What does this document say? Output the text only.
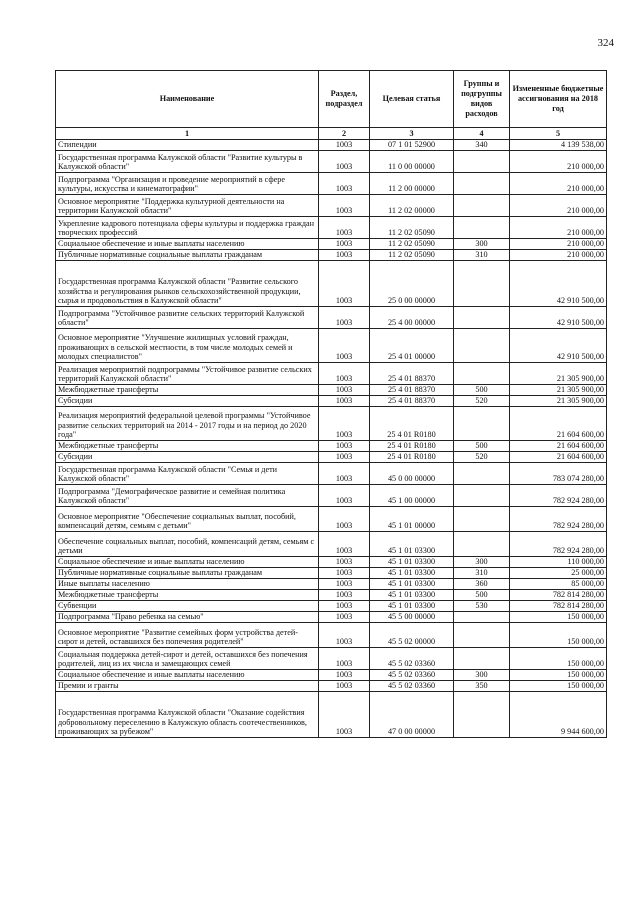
324
Наименование	Раздел, подраздел	Целевая статья	Группы и подгруппы видов расходов	Измененные бюджетные ассигнования на 2018 год
1	2	3	4	5
Стипендии	1003	07 1 01 52900	340	4 139 538,00
Государственная программа Калужской области "Развитие культуры в Калужской области"	1003	11 0 00 00000		210 000,00
Подпрограмма "Организация и проведение мероприятий в сфере культуры, искусства и кинематографии"	1003	11 2 00 00000		210 000,00
Основное мероприятие "Поддержка культурной деятельности на территории Калужской области"	1003	11 2 02 00000		210 000,00
Укрепление кадрового потенциала сферы культуры и поддержка граждан творческих профессий	1003	11 2 02 05090		210 000,00
Социальное обеспечение и иные выплаты населению	1003	11 2 02 05090	300	210 000,00
Публичные нормативные социальные выплаты гражданам	1003	11 2 02 05090	310	210 000,00
Государственная программа Калужской области "Развитие сельского хозяйства и регулирования рынков сельскохозяйственной продукции, сырья и продовольствия в Калужской области"	1003	25 0 00 00000		42 910 500,00
Подпрограмма "Устойчивое развитие сельских территорий Калужской области"	1003	25 4 00 00000		42 910 500,00
Основное мероприятие "Улучшение жилищных условий граждан, проживающих в сельской местности, в том числе молодых семей и молодых специалистов"	1003	25 4 01 00000		42 910 500,00
Реализация мероприятий подпрограммы "Устойчивое развитие сельских территорий Калужской области"	1003	25 4 01 88370		21 305 900,00
Межбюджетные трансферты	1003	25 4 01 88370	500	21 305 900,00
Субсидии	1003	25 4 01 88370	520	21 305 900,00
Реализация мероприятий федеральной целевой программы "Устойчивое развитие сельских территорий на 2014 - 2017 годы и на период до 2020 года"	1003	25 4 01 R0180		21 604 600,00
Межбюджетные трансферты	1003	25 4 01 R0180	500	21 604 600,00
Субсидии	1003	25 4 01 R0180	520	21 604 600,00
Государственная программа Калужской области "Семья и дети Калужской области"	1003	45 0 00 00000		783 074 280,00
Подпрограмма "Демографическое развитие и семейная политика Калужской области"	1003	45 1 00 00000		782 924 280,00
Основное мероприятие "Обеспечение социальных выплат, пособий, компенсаций детям, семьям с детьми"	1003	45 1 01 00000		782 924 280,00
Обеспечение социальных выплат, пособий, компенсаций детям, семьям с детьми	1003	45 1 01 03300		782 924 280,00
Социальное обеспечение и иные выплаты населению	1003	45 1 01 03300	300	110 000,00
Публичные нормативные социальные выплаты гражданам	1003	45 1 01 03300	310	25 000,00
Иные выплаты населению	1003	45 1 01 03300	360	85 000,00
Межбюджетные трансферты	1003	45 1 01 03300	500	782 814 280,00
Субвенции	1003	45 1 01 03300	530	782 814 280,00
Подпрограмма "Право ребенка на семью"	1003	45 5 00 00000		150 000,00
Основное мероприятие "Развитие семейных форм устройства детей-сирот и детей, оставшихся без попечения родителей"	1003	45 5 02 00000		150 000,00
Социальная поддержка детей-сирот и детей, оставшихся без попечения родителей, лиц из их числа и замещающих семей	1003	45 5 02 03360		150 000,00
Социальное обеспечение и иные выплаты населению	1003	45 5 02 03360	300	150 000,00
Премии и гранты	1003	45 5 02 03360	350	150 000,00
Государственная программа Калужской области "Оказание содействия добровольному переселению в Калужскую область соотечественников, проживающих за рубежом"	1003	47 0 00 00000		9 944 600,00
